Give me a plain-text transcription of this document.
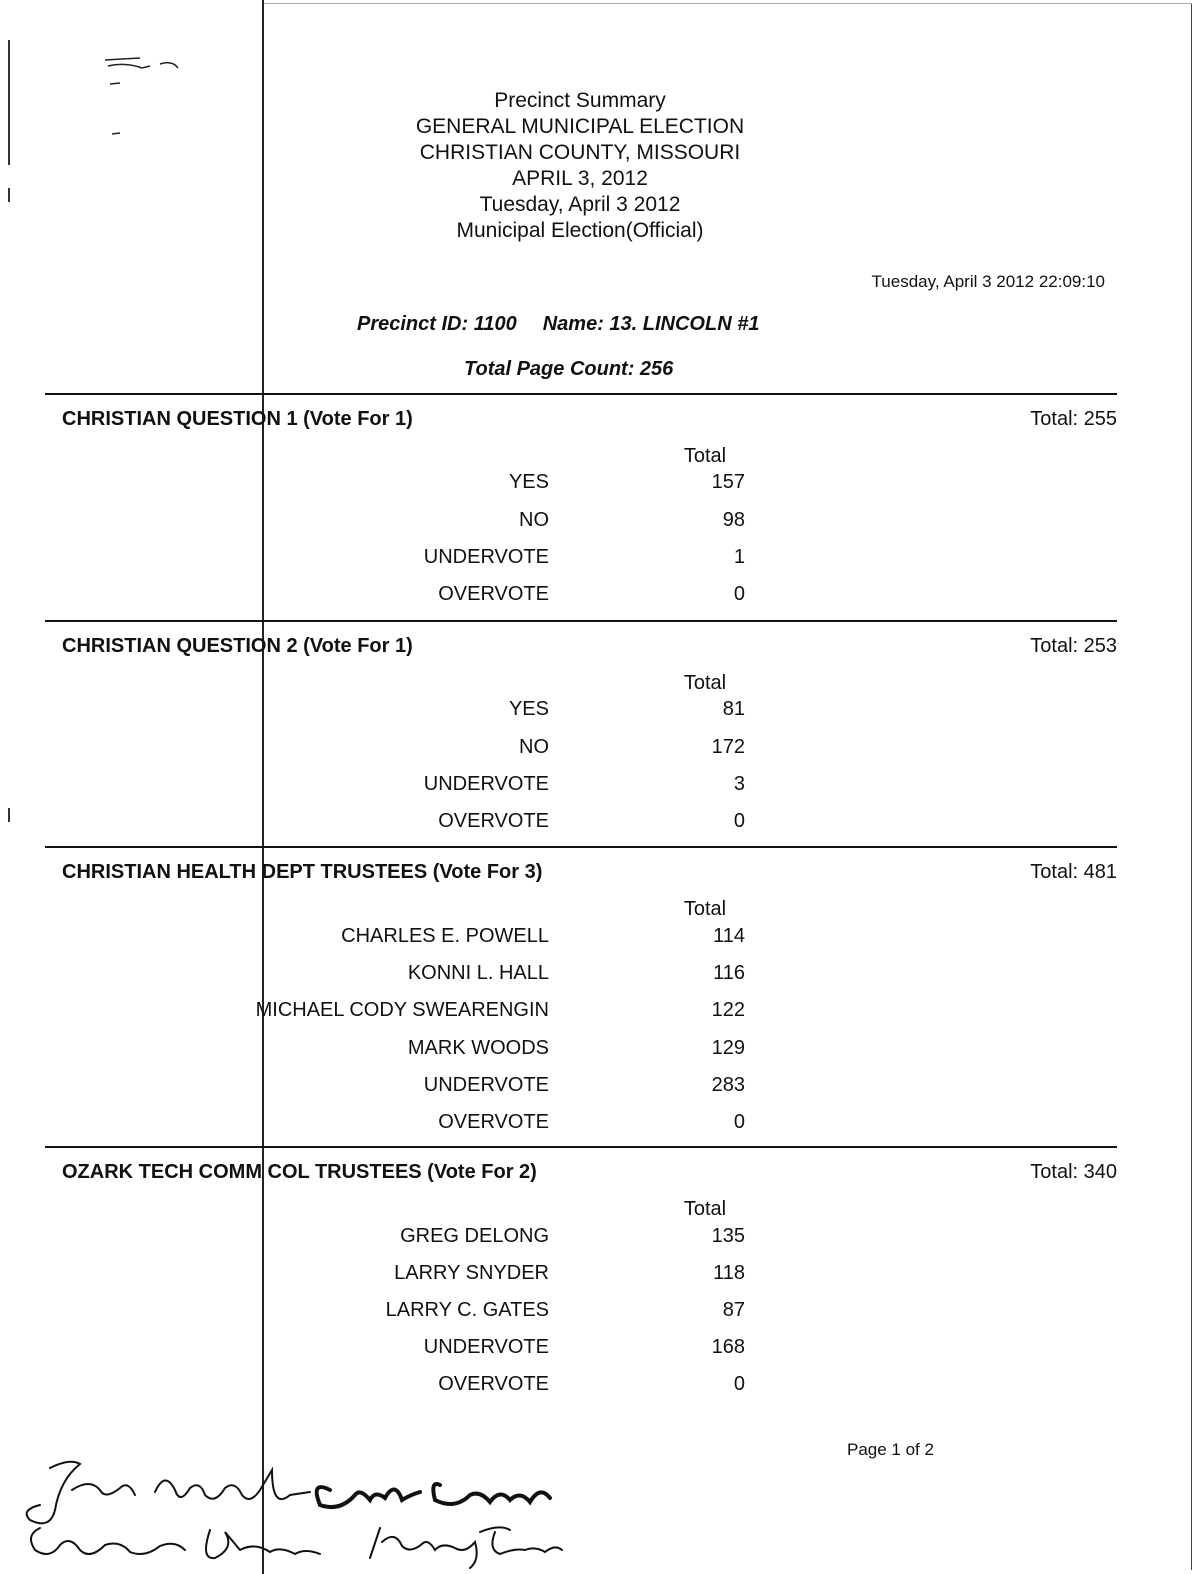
Precinct Summary
GENERAL MUNICIPAL ELECTION
CHRISTIAN COUNTY, MISSOURI
APRIL 3, 2012
Tuesday, April 3 2012
Municipal Election(Official)
Tuesday, April 3 2012 22:09:10
Precinct ID: 1100 Name: 13. LINCOLN #1
Total Page Count: 256
CHRISTIAN QUESTION 1 (Vote For 1)	Total: 255
Total
YES	157
NO	98
UNDERVOTE	1
OVERVOTE	0
CHRISTIAN QUESTION 2 (Vote For 1)	Total: 253
Total
YES	81
NO	172
UNDERVOTE	3
OVERVOTE	0
CHRISTIAN HEALTH DEPT TRUSTEES (Vote For 3)	Total: 481
Total
CHARLES E. POWELL	114
KONNI L. HALL	116
MICHAEL CODY SWEARENGIN	122
MARK WOODS	129
UNDERVOTE	283
OVERVOTE	0
OZARK TECH COMM COL TRUSTEES (Vote For 2)	Total: 340
Total
GREG DELONG	135
LARRY SNYDER	118
LARRY C. GATES	87
UNDERVOTE	168
OVERVOTE	0
Page 1 of 2
